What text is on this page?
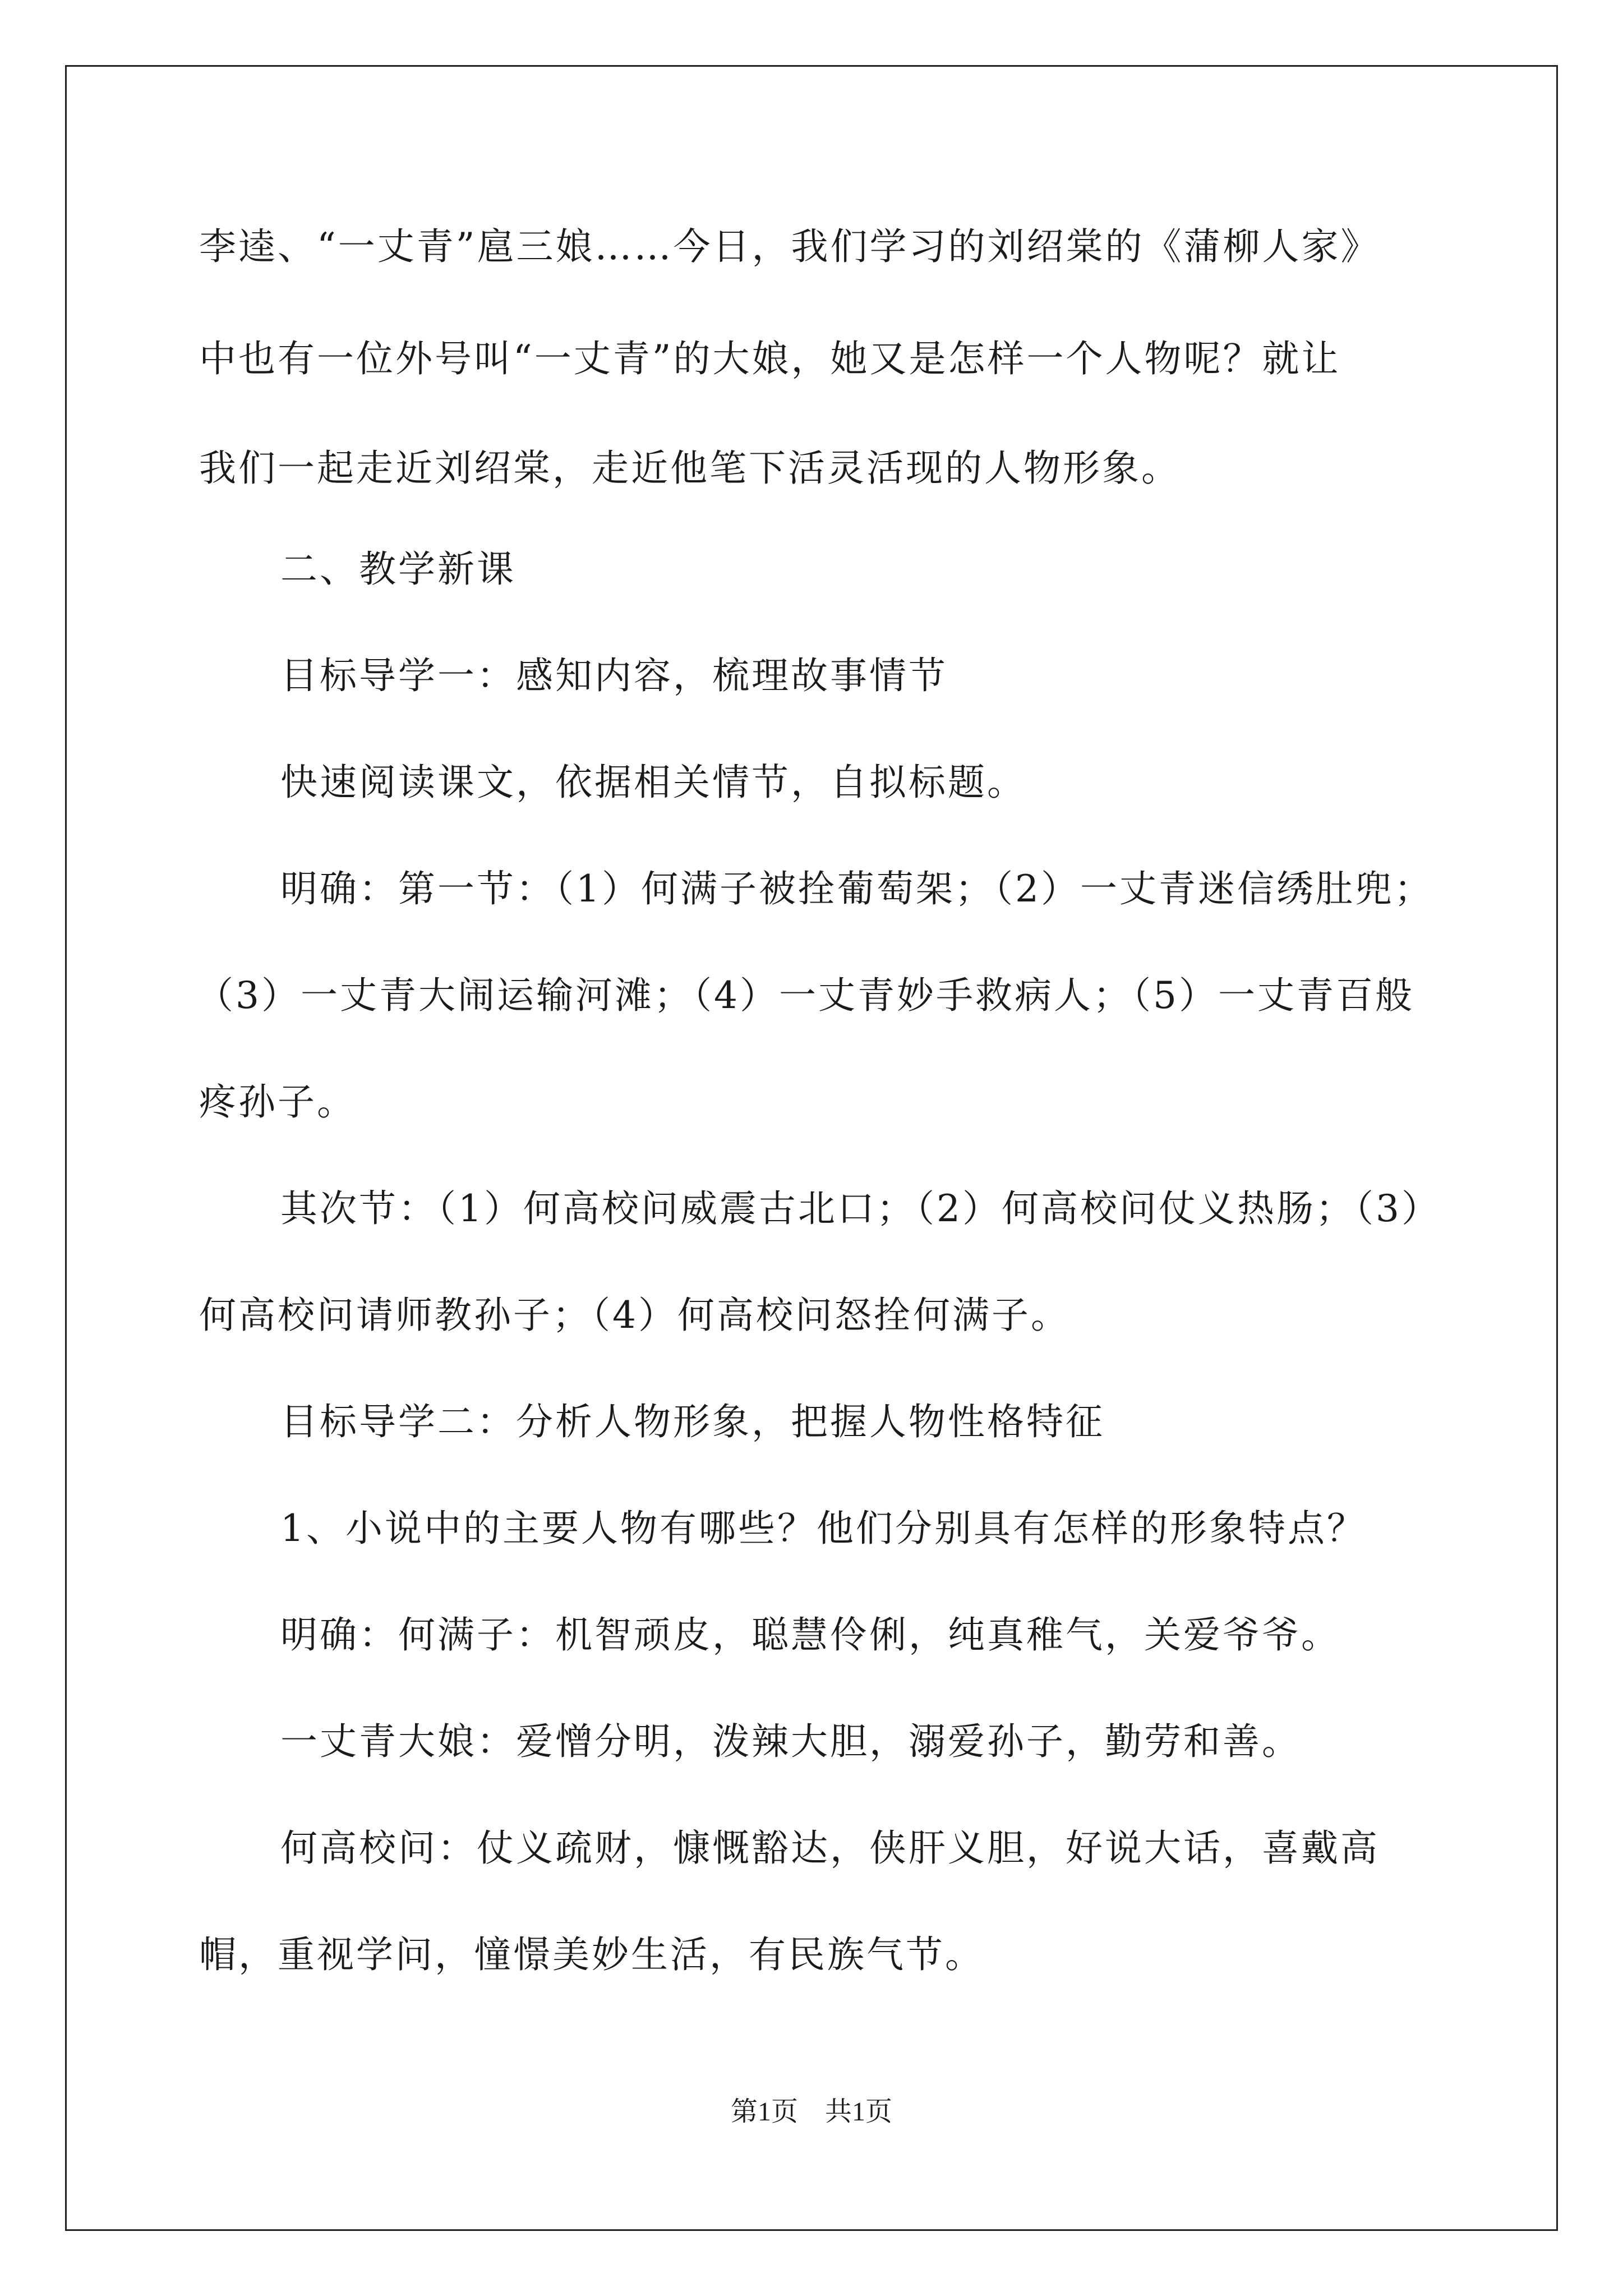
李逵、“一丈青”扈三娘……今日，我们学习的刘绍棠的《蒲柳人家》
中也有一位外号叫“一丈青”的大娘，她又是怎样一个人物呢？就让
我们一起走近刘绍棠，走近他笔下活灵活现的人物形象。
二、教学新课
目标导学一：感知内容，梳理故事情节
快速阅读课文，依据相关情节，自拟标题。
明确：第一节：（1）何满子被拴葡萄架；（2）一丈青迷信绣肚兜；
（3）一丈青大闹运输河滩；（4）一丈青妙手救病人；（5）一丈青百般
疼孙子。
其次节：（1）何高校问威震古北口；（2）何高校问仗义热肠；（3）
何高校问请师教孙子；（4）何高校问怒拴何满子。
目标导学二：分析人物形象，把握人物性格特征
1、小说中的主要人物有哪些？他们分别具有怎样的形象特点？
明确：何满子：机智顽皮，聪慧伶俐，纯真稚气，关爱爷爷。
一丈青大娘：爱憎分明，泼辣大胆，溺爱孙子，勤劳和善。
何高校问：仗义疏财，慷慨豁达，侠肝义胆，好说大话，喜戴高
帽，重视学问，憧憬美妙生活，有民族气节。
第1页　共1页
